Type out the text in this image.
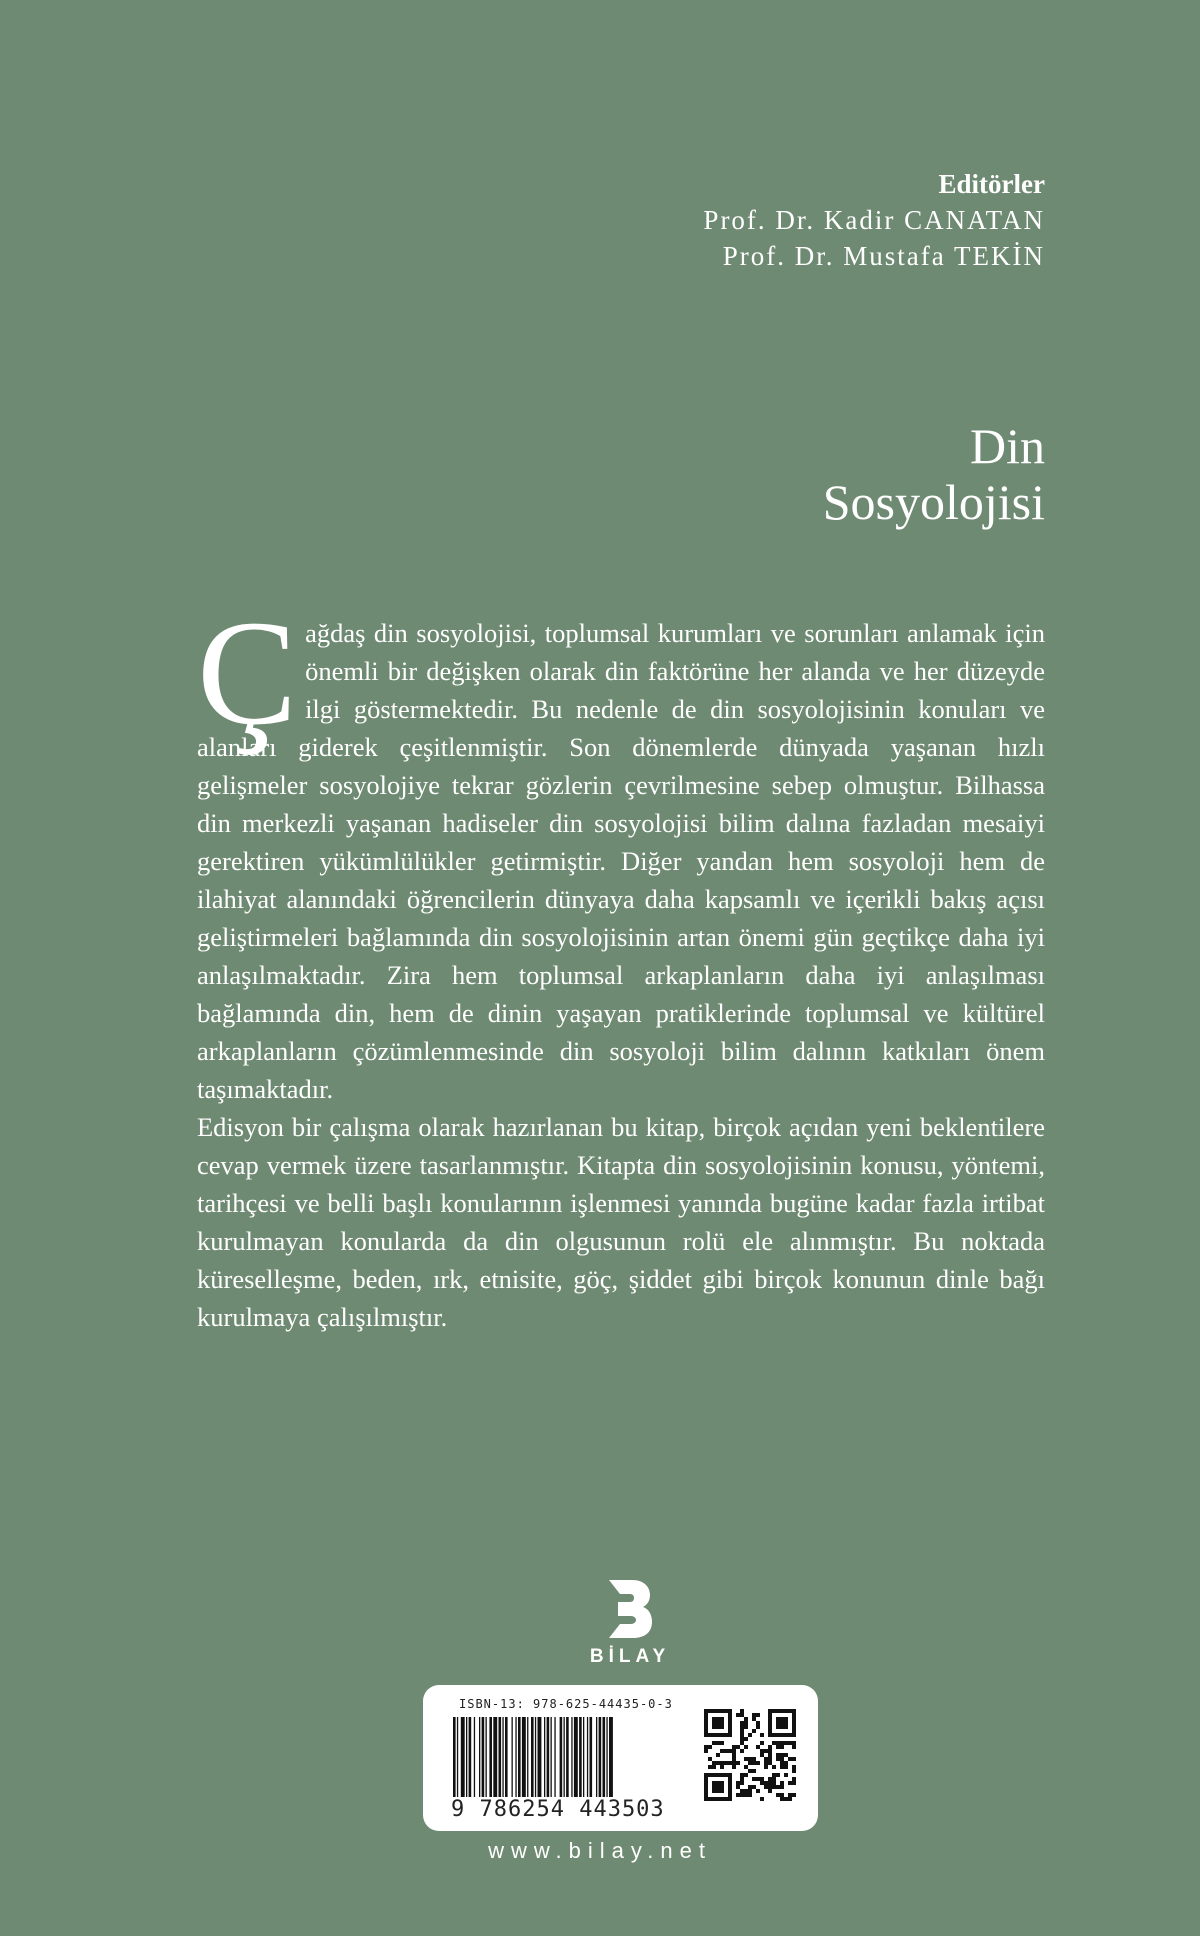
Editörler

Prof. Dr. Kadir CANATAN

Prof. Dr. Mustafa TEKİN

Din
Sosyolojisi

Çağdaş din sosyolojisi, toplumsal kurumları ve sorunları anlamak için önemli bir değişken olarak din faktörüne her alanda ve her düzeyde ilgi göstermektedir. Bu nedenle de din sosyolojisinin konuları ve alanları giderek çeşitlenmiştir. Son dönemlerde dünyada yaşanan hızlı gelişmeler sosyolojiye tekrar gözlerin çevrilmesine sebep olmuştur. Bilhassa din merkezli yaşanan hadiseler din sosyolojisi bilim dalına fazladan mesaiyi gerektiren yükümlülükler getirmiştir. Diğer yandan hem sosyoloji hem de ilahiyat alanındaki öğrencilerin dünyaya daha kapsamlı ve içerikli bakış açısı geliştirmeleri bağlamında din sosyolojisinin artan önemi gün geçtikçe daha iyi anlaşılmaktadır. Zira hem toplumsal arkaplanların daha iyi anlaşılması bağlamında din, hem de dinin yaşayan pratiklerinde toplumsal ve kültürel arkaplanların çözümlenmesinde din sosyoloji bilim dalının katkıları önem taşımaktadır.

Edisyon bir çalışma olarak hazırlanan bu kitap, birçok açıdan yeni beklentilere cevap vermek üzere tasarlanmıştır. Kitapta din sosyolojisinin konusu, yöntemi, tarihçesi ve belli başlı konularının işlenmesi yanında bugüne kadar fazla irtibat kurulmayan konularda da din olgusunun rolü ele alınmıştır. Bu noktada küreselleşme, beden, ırk, etnisite, göç, şiddet gibi birçok konunun dinle bağı kurulmaya çalışılmıştır.

BİLAY
ISBN-13: 978-625-44435-0-3
9 786254 443503
www.bilay.net
